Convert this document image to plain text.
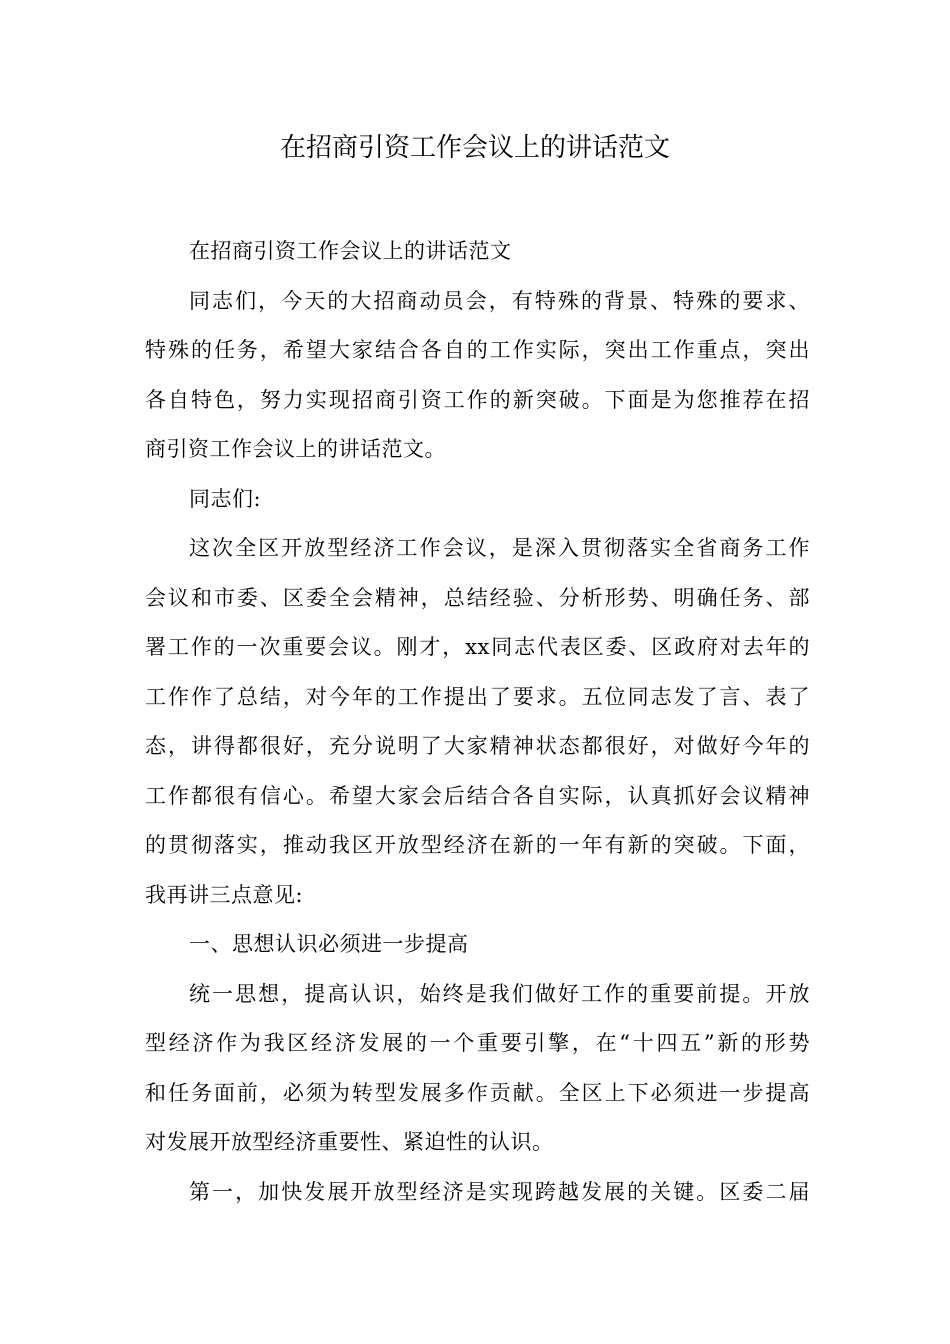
在招商引资工作会议上的讲话范文
在招商引资工作会议上的讲话范文
同志们，今天的大招商动员会，有特殊的背景、特殊的要求、
特殊的任务，希望大家结合各自的工作实际，突出工作重点，突出
各自特色，努力实现招商引资工作的新突破。下面是为您推荐在招
商引资工作会议上的讲话范文。
同志们:
这次全区开放型经济工作会议，是深入贯彻落实全省商务工作
会议和市委、区委全会精神，总结经验、分析形势、明确任务、部
署工作的一次重要会议。刚才，xx同志代表区委、区政府对去年的
工作作了总结，对今年的工作提出了要求。五位同志发了言、表了
态，讲得都很好，充分说明了大家精神状态都很好，对做好今年的
工作都很有信心。希望大家会后结合各自实际，认真抓好会议精神
的贯彻落实，推动我区开放型经济在新的一年有新的突破。下面，
我再讲三点意见:
一、思想认识必须进一步提高
统一思想，提高认识，始终是我们做好工作的重要前提。开放
型经济作为我区经济发展的一个重要引擎，在“十四五”新的形势
和任务面前，必须为转型发展多作贡献。全区上下必须进一步提高
对发展开放型经济重要性、紧迫性的认识。
第一，加快发展开放型经济是实现跨越发展的关键。区委二届
